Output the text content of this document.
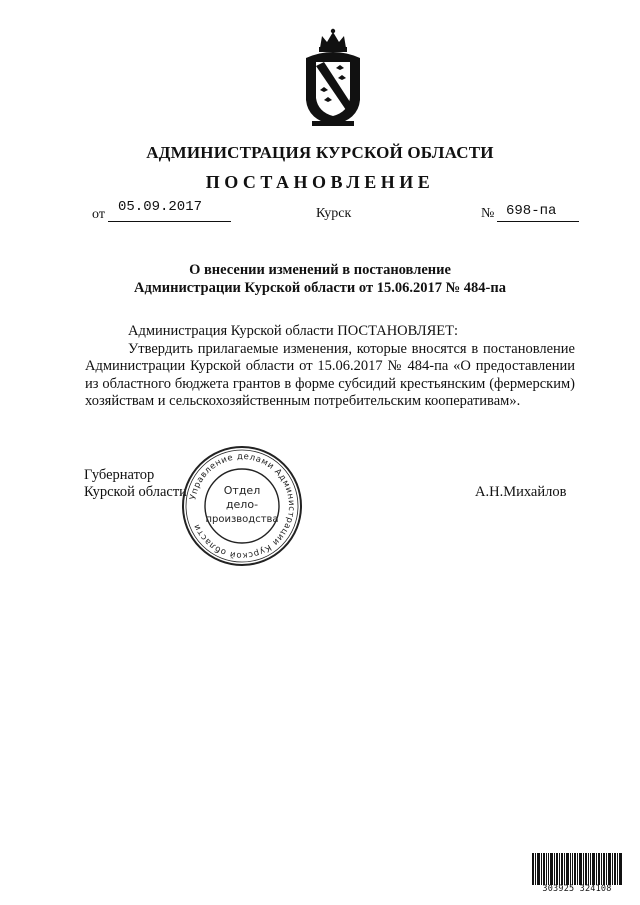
АДМИНИСТРАЦИЯ КУРСКОЙ ОБЛАСТИ
ПОСТАНОВЛЕНИЕ
от 05.09.2017	Курск	№ 698-па
О внесении изменений в постановление
Администрации Курской области от 15.06.2017 № 484-па

Администрация Курской области ПОСТАНОВЛЯЕТ:

Утвердить прилагаемые изменения, которые вносятся в постановление Администрации Курской области от 15.06.2017 № 484-па «О предоставлении из областного бюджета грантов в форме субсидий крестьянским (фермерским) хозяйствам и сельскохозяйственным потребительским кооперативам».

Губернатор
Курской области	А.Н.Михайлов
Управление делами Администрации Курской области
Отдел
дело-
производства
303925 324108
